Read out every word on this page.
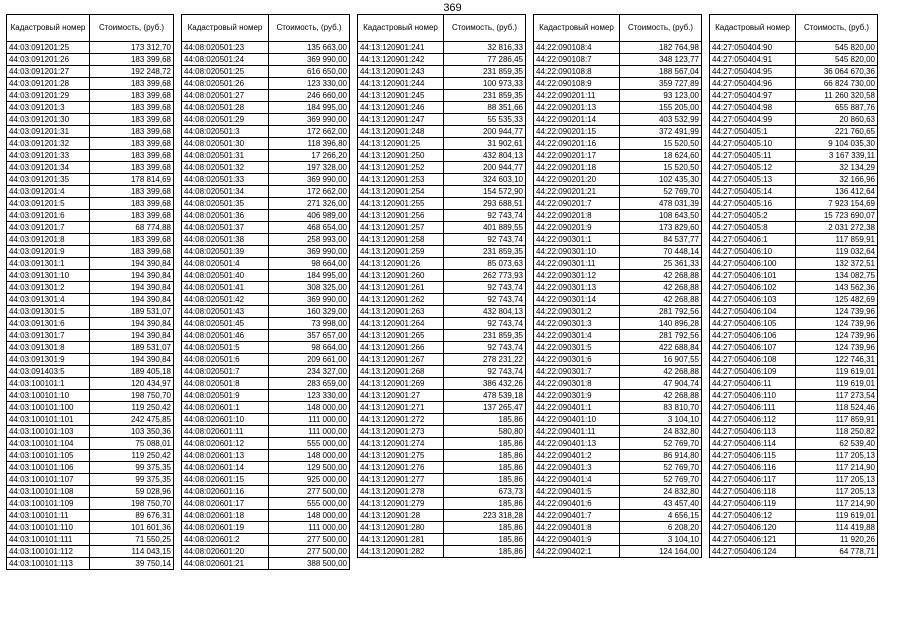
369
Кадастровый номер	Стоимость, (руб.)
44:03:091201:25	173 312,70
44:03:091201:26	183 399,68
44:03:091201:27	192 248,72
44:03:091201:28	183 399,68
44:03:091201:29	183 399,68
44:03:091201:3	183 399,68
44:03:091201:30	183 399,68
44:03:091201:31	183 399,68
44:03:091201:32	183 399,68
44:03:091201:33	183 399,68
44:03:091201:34	183 399,68
44:03:091201:35	178 814,69
44:03:091201:4	183 399,68
44:03:091201:5	183 399,68
44:03:091201:6	183 399,68
44:03:091201:7	68 774,88
44:03:091201:8	183 399,68
44:03:091201:9	183 399,68
44:03:091301:1	194 390,84
44:03:091301:10	194 390,84
44:03:091301:2	194 390,84
44:03:091301:4	194 390,84
44:03:091301:5	189 531,07
44:03:091301:6	194 390,84
44:03:091301:7	194 390,84
44:03:091301:8	189 531,07
44:03:091301:9	194 390,84
44:03:091403:5	189 405,18
44:03:100101:1	120 434,97
44:03:100101:10	198 750,70
44:03:100101:100	119 250,42
44:03:100101:101	242 475,85
44:03:100101:103	103 350,36
44:03:100101:104	75 088,01
44:03:100101:105	119 250,42
44:03:100101:106	99 375,35
44:03:100101:107	99 375,35
44:03:100101:108	59 028,96
44:03:100101:109	198 750,70
44:03:100101:11	89 676,31
44:03:100101:110	101 601,36
44:03:100101:111	71 550,25
44:03:100101:112	114 043,15
44:03:100101:113	39 750,14
Кадастровый номер	Стоимость, (руб.)
44:08:020501:23	135 663,00
44:08:020501:24	369 990,00
44:08:020501:25	616 650,00
44:08:020501:26	123 330,00
44:08:020501:27	246 660,00
44:08:020501:28	184 995,00
44:08:020501:29	369 990,00
44:08:020501:3	172 662,00
44:08:020501:30	118 396,80
44:08:020501:31	17 266,20
44:08:020501:32	197 328,00
44:08:020501:33	369 990,00
44:08:020501:34	172 662,00
44:08:020501:35	271 326,00
44:08:020501:36	406 989,00
44:08:020501:37	468 654,00
44:08:020501:38	258 993,00
44:08:020501:39	369 990,00
44:08:020501:4	98 664,00
44:08:020501:40	184 995,00
44:08:020501:41	308 325,00
44:08:020501:42	369 990,00
44:08:020501:43	160 329,00
44:08:020501:45	73 998,00
44:08:020501:46	357 657,00
44:08:020501:5	98 664,00
44:08:020501:6	209 661,00
44:08:020501:7	234 327,00
44:08:020501:8	283 659,00
44:08:020501:9	123 330,00
44:08:020601:1	148 000,00
44:08:020601:10	111 000,00
44:08:020601:11	111 000,00
44:08:020601:12	555 000,00
44:08:020601:13	148 000,00
44:08:020601:14	129 500,00
44:08:020601:15	925 000,00
44:08:020601:16	277 500,00
44:08:020601:17	555 000,00
44:08:020601:18	148 000,00
44:08:020601:19	111 000,00
44:08:020601:2	277 500,00
44:08:020601:20	277 500,00
44:08:020601:21	388 500,00
Кадастровый номер	Стоимость, (руб.)
44:13:120901:241	32 816,33
44:13:120901:242	77 286,45
44:13:120901:243	231 859,35
44:13:120901:244	100 973,33
44:13:120901:245	231 859,35
44:13:120901:246	88 351,66
44:13:120901:247	55 535,33
44:13:120901:248	200 944,77
44:13:120901:25	31 902,61
44:13:120901:250	432 804,13
44:13:120901:252	200 944,77
44:13:120901:253	324 603,10
44:13:120901:254	154 572,90
44:13:120901:255	293 688,51
44:13:120901:256	92 743,74
44:13:120901:257	401 889,55
44:13:120901:258	92 743,74
44:13:120901:259	231 859,35
44:13:120901:26	85 073,63
44:13:120901:260	262 773,93
44:13:120901:261	92 743,74
44:13:120901:262	92 743,74
44:13:120901:263	432 804,13
44:13:120901:264	92 743,74
44:13:120901:265	231 859,35
44:13:120901:266	92 743,74
44:13:120901:267	278 231,22
44:13:120901:268	92 743,74
44:13:120901:269	386 432,26
44:13:120901:27	478 539,18
44:13:120901:271	137 265,47
44:13:120901:272	185,86
44:13:120901:273	580,80
44:13:120901:274	185,86
44:13:120901:275	185,86
44:13:120901:276	185,86
44:13:120901:277	185,86
44:13:120901:278	673,73
44:13:120901:279	185,86
44:13:120901:28	223 318,28
44:13:120901:280	185,86
44:13:120901:281	185,86
44:13:120901:282	185,86
Кадастровый номер	Стоимость, (руб.)
44:22:090108:4	182 764,98
44:22:090108:7	348 123,77
44:22:090108:8	188 567,04
44:22:090108:9	359 727,89
44:22:090201:11	93 123,00
44:22:090201:13	155 205,00
44:22:090201:14	403 532,99
44:22:090201:15	372 491,99
44:22:090201:16	15 520,50
44:22:090201:17	18 624,60
44:22:090201:18	15 520,50
44:22:090201:20	102 435,30
44:22:090201:21	52 769,70
44:22:090201:7	478 031,39
44:22:090201:8	108 643,50
44:22:090201:9	173 829,60
44:22:090301:1	84 537,77
44:22:090301:10	70 448,14
44:22:090301:11	25 361,33
44:22:090301:12	42 268,88
44:22:090301:13	42 268,88
44:22:090301:14	42 268,88
44:22:090301:2	281 792,56
44:22:090301:3	140 896,28
44:22:090301:4	281 792,56
44:22:090301:5	422 688,84
44:22:090301:6	16 907,55
44:22:090301:7	42 268,88
44:22:090301:8	47 904,74
44:22:090301:9	42 268,88
44:22:090401:1	83 810,70
44:22:090401:10	3 104,10
44:22:090401:11	24 832,80
44:22:090401:13	52 769,70
44:22:090401:2	86 914,80
44:22:090401:3	52 769,70
44:22:090401:4	52 769,70
44:22:090401:5	24 832,80
44:22:090401:6	43 457,40
44:22:090401:7	4 656,15
44:22:090401:8	6 208,20
44:22:090401:9	3 104,10
44:22:090402:1	124 164,00
Кадастровый номер	Стоимость, (руб.)
44:27:050404:90	545 820,00
44:27:050404:91	545 820,00
44:27:050404:95	36 064 670,36
44:27:050404:96	66 824 730,00
44:27:050404:97	11 260 320,58
44:27:050404:98	655 887,76
44:27:050404:99	20 860,63
44:27:050405:1	221 760,65
44:27:050405:10	9 104 035,30
44:27:050405:11	3 167 339,11
44:27:050405:12	32 134,29
44:27:050405:13	32 166,96
44:27:050405:14	136 412,64
44:27:050405:16	7 923 154,69
44:27:050405:2	15 723 690,07
44:27:050405:8	2 031 272,38
44:27:050406:1	117 859,91
44:27:050406:10	119 032,64
44:27:050406:100	132 372,51
44:27:050406:101	134 082,75
44:27:050406:102	143 562,36
44:27:050406:103	125 482,69
44:27:050406:104	124 739,96
44:27:050406:105	124 739,96
44:27:050406:106	124 739,96
44:27:050406:107	124 739,96
44:27:050406:108	122 746,31
44:27:050406:109	119 619,01
44:27:050406:11	119 619,01
44:27:050406:110	117 273,54
44:27:050406:111	118 524,46
44:27:050406:112	117 859,91
44:27:050406:113	118 250,82
44:27:050406:114	62 539,40
44:27:050406:115	117 205,13
44:27:050406:116	117 214,90
44:27:050406:117	117 205,13
44:27:050406:118	117 205,13
44:27:050406:119	117 214,90
44:27:050406:12	119 619,01
44:27:050406:120	114 419,88
44:27:050406:121	11 920,26
44:27:050406:124	64 778,71
